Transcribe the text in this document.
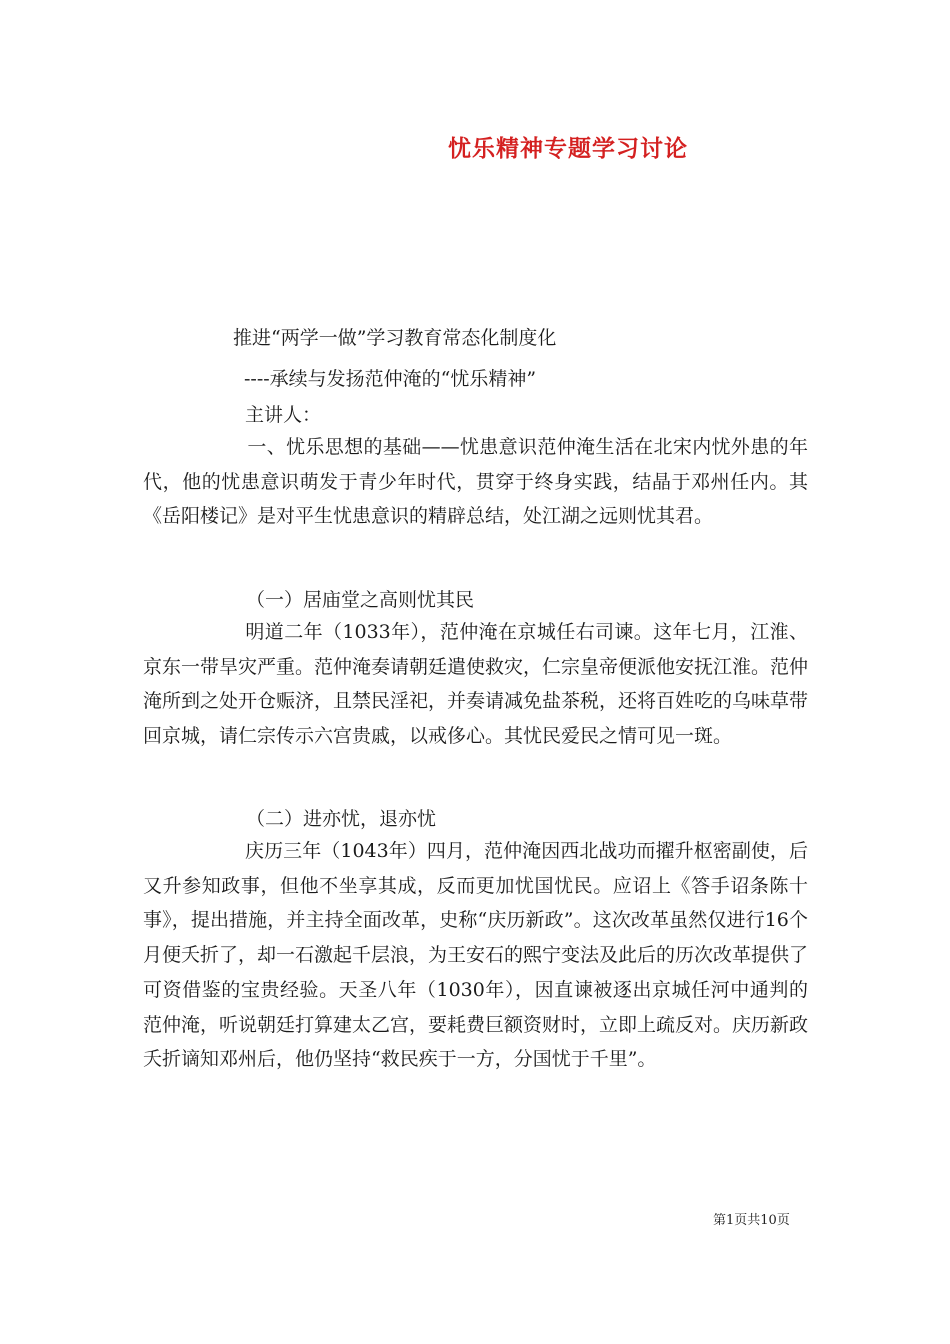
忧乐精神专题学习讨论
推进“两学一做”学习教育常态化制度化
----承续与发扬范仲淹的“忧乐精神”
主讲人：

一、忧乐思想的基础——忧患意识范仲淹生活在北宋内忧外患的年代，他的忧患意识萌发于青少年时代，贯穿于终身实践，结晶于邓州任内。其《岳阳楼记》是对平生忧患意识的精辟总结，处江湖之远则忧其君。

（一）居庙堂之高则忧其民

明道二年（1033年），范仲淹在京城任右司谏。这年七月，江淮、京东一带旱灾严重。范仲淹奏请朝廷遣使救灾，仁宗皇帝便派他安抚江淮。范仲淹所到之处开仓赈济，且禁民淫祀，并奏请减免盐茶税，还将百姓吃的乌味草带回京城，请仁宗传示六宫贵戚，以戒侈心。其忧民爱民之情可见一斑。

（二）进亦忧，退亦忧

庆历三年（1043年）四月，范仲淹因西北战功而擢升枢密副使，后又升参知政事，但他不坐享其成，反而更加忧国忧民。应诏上《答手诏条陈十事》，提出措施，并主持全面改革，史称“庆历新政”。这次改革虽然仅进行16个月便夭折了，却一石激起千层浪，为王安石的熙宁变法及此后的历次改革提供了可资借鉴的宝贵经验。天圣八年（1030年），因直谏被逐出京城任河中通判的范仲淹，听说朝廷打算建太乙宫，要耗费巨额资财时，立即上疏反对。庆历新政夭折谪知邓州后，他仍坚持“救民疾于一方，分国忧于千里”。

第1页共10页
